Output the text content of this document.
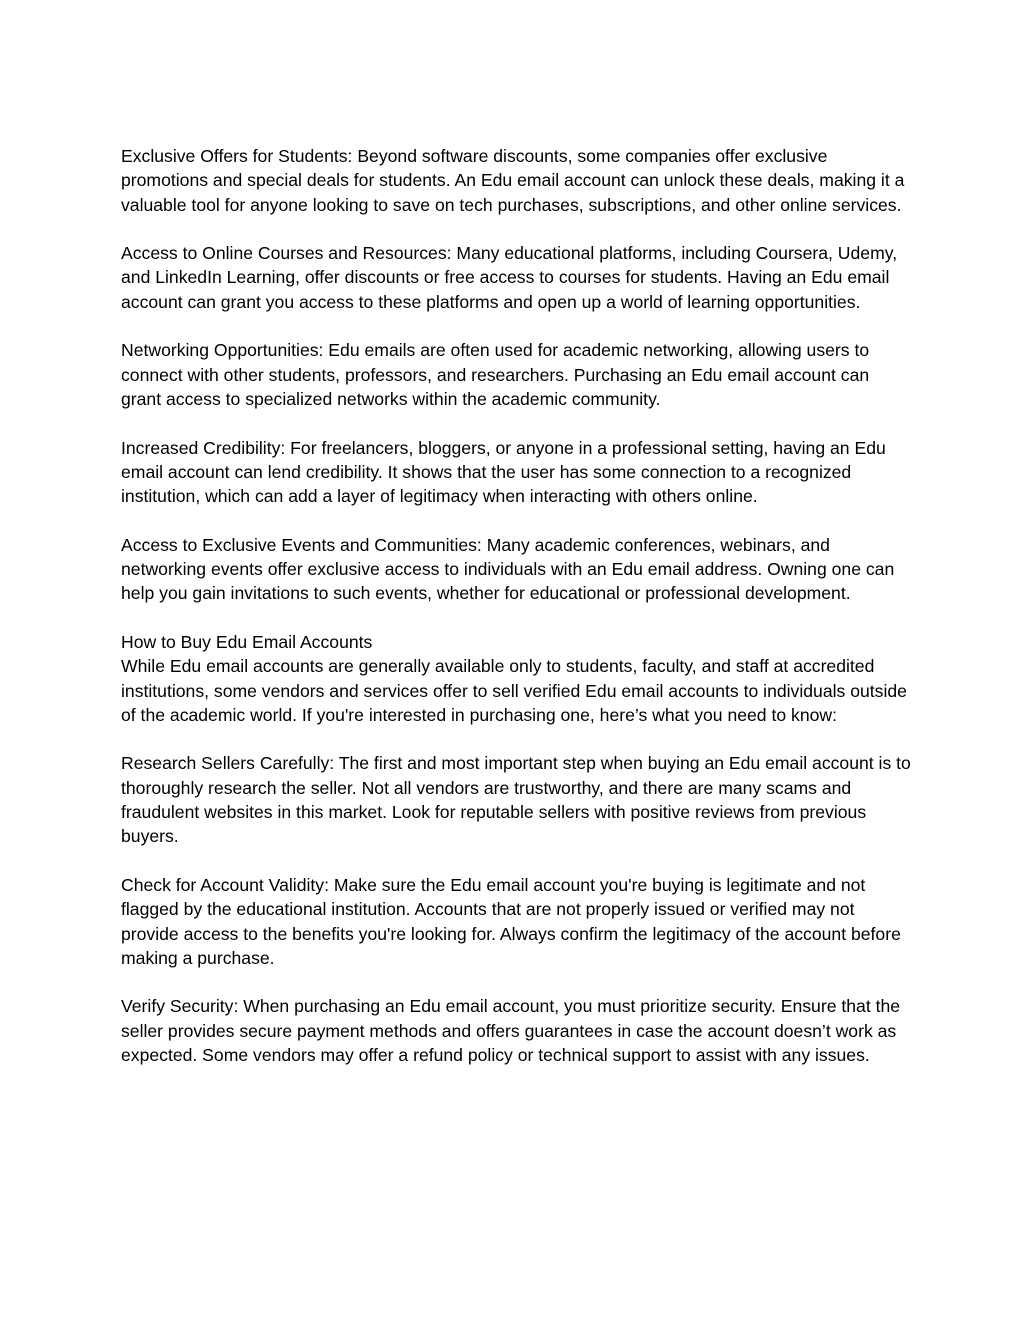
Exclusive Offers for Students: Beyond software discounts, some companies offer exclusive promotions and special deals for students. An Edu email account can unlock these deals, making it a valuable tool for anyone looking to save on tech purchases, subscriptions, and other online services.

Access to Online Courses and Resources: Many educational platforms, including Coursera, Udemy, and LinkedIn Learning, offer discounts or free access to courses for students. Having an Edu email account can grant you access to these platforms and open up a world of learning opportunities.

Networking Opportunities: Edu emails are often used for academic networking, allowing users to connect with other students, professors, and researchers. Purchasing an Edu email account can grant access to specialized networks within the academic community.

Increased Credibility: For freelancers, bloggers, or anyone in a professional setting, having an Edu email account can lend credibility. It shows that the user has some connection to a recognized institution, which can add a layer of legitimacy when interacting with others online.

Access to Exclusive Events and Communities: Many academic conferences, webinars, and networking events offer exclusive access to individuals with an Edu email address. Owning one can help you gain invitations to such events, whether for educational or professional development.

How to Buy Edu Email Accounts

While Edu email accounts are generally available only to students, faculty, and staff at accredited institutions, some vendors and services offer to sell verified Edu email accounts to individuals outside of the academic world. If you're interested in purchasing one, here’s what you need to know:

Research Sellers Carefully: The first and most important step when buying an Edu email account is to thoroughly research the seller. Not all vendors are trustworthy, and there are many scams and fraudulent websites in this market. Look for reputable sellers with positive reviews from previous buyers.

Check for Account Validity: Make sure the Edu email account you're buying is legitimate and not flagged by the educational institution. Accounts that are not properly issued or verified may not provide access to the benefits you're looking for. Always confirm the legitimacy of the account before making a purchase.

Verify Security: When purchasing an Edu email account, you must prioritize security. Ensure that the seller provides secure payment methods and offers guarantees in case the account doesn’t work as expected. Some vendors may offer a refund policy or technical support to assist with any issues.
